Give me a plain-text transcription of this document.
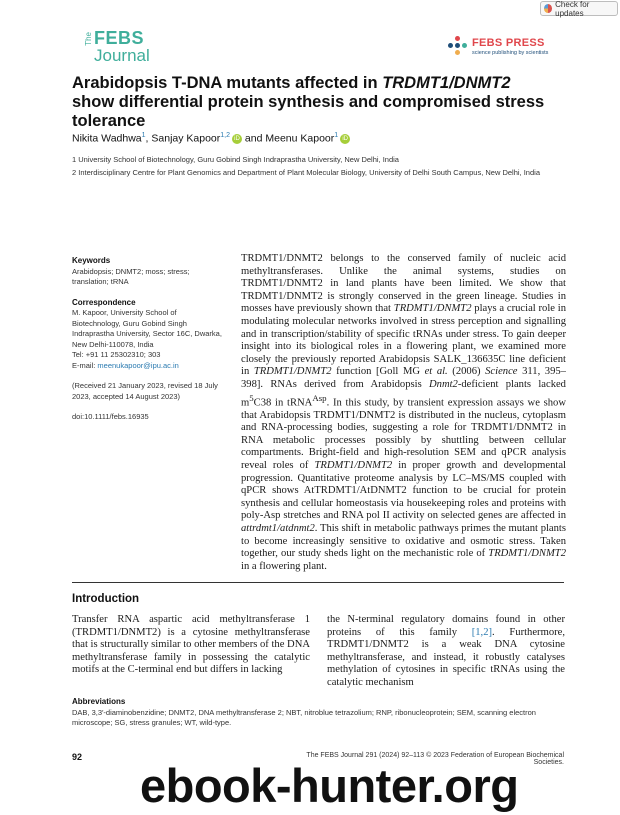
Check for updates
The FEBS
Journal
FEBS PRESS
science publishing by scientists
Arabidopsis T-DNA mutants affected in TRDMT1/DNMT2 show differential protein synthesis and compromised stress tolerance
Nikita Wadhwa$^1$, Sanjay Kapoor$^{1,2}$ iD and Meenu Kapoor$^1$ iD

1 University School of Biotechnology, Guru Gobind Singh Indraprastha University, New Delhi, India

2 Interdisciplinary Centre for Plant Genomics and Department of Plant Molecular Biology, University of Delhi South Campus, New Delhi, India

Keywords

Arabidopsis; DNMT2; moss; stress; translation; tRNA

Correspondence

M. Kapoor, University School of Biotechnology, Guru Gobind Singh Indraprastha University, Sector 16C, Dwarka, New Delhi-110078, India

Tel: +91 11 25302310; 303

E-mail: meenukapoor@ipu.ac.in

(Received 21 January 2023, revised 18 July 2023, accepted 14 August 2023)

doi:10.1111/febs.16935

TRDMT1/DNMT2 belongs to the conserved family of nucleic acid methyltransferases. Unlike the animal systems, studies on TRDMT1/DNMT2 in land plants have been limited. We show that TRDMT1/DNMT2 is strongly conserved in the green lineage. Studies in mosses have previously shown that TRDMT1/DNMT2 plays a crucial role in modulating molecular networks involved in stress perception and signalling and in transcription/stability of specific tRNAs under stress. To gain deeper insight into its biological roles in a flowering plant, we examined more closely the previously reported Arabidopsis SALK_136635C line deficient in TRDMT1/DNMT2 function [Goll MG et al. (2006) Science 311, 395–398]. RNAs derived from Arabidopsis Dnmt2-deficient plants lacked $m^5C38$ in tRNA$^{Asp}$. In this study, by transient expression assays we show that Arabidopsis TRDMT1/DNMT2 is distributed in the nucleus, cytoplasm and RNA-processing bodies, suggesting a role for TRDMT1/DNMT2 in RNA metabolic processes possibly by shuttling between cellular compartments. Bright-field and high-resolution SEM and qPCR analysis reveal roles of TRDMT1/DNMT2 in proper growth and developmental progression. Quantitative proteome analysis by LC–MS/MS coupled with qPCR shows AtTRDMT1/AtDNMT2 function to be crucial for protein synthesis and cellular homeostasis via housekeeping roles and proteins with poly-Asp stretches and RNA pol II activity on selected genes are affected in attrdmt1/atdnmt2. This shift in metabolic pathways primes the mutant plants to become increasingly sensitive to oxidative and osmotic stress. Taken together, our study sheds light on the mechanistic role of TRDMT1/DNMT2 in a flowering plant.
Introduction
Transfer RNA aspartic acid methyltransferase 1 (TRDMT1/DNMT2) is a cytosine methyltransferase that is structurally similar to other members of the DNA methyltransferase family in possessing the catalytic motifs at the C-terminal end but differs in lacking
the N-terminal regulatory domains found in other proteins of this family [1,2]. Furthermore, TRDMT1/DNMT2 is a weak DNA cytosine methyltransferase, and instead, it robustly catalyses methylation of cytosines in specific tRNAs using the catalytic mechanism
Abbreviations

DAB, 3,3′-diaminobenzidine; DNMT2, DNA methyltransferase 2; NBT, nitroblue tetrazolium; RNP, ribonucleoprotein; SEM, scanning electron microscope; SG, stress granules; WT, wild-type.

92	The FEBS Journal 291 (2024) 92–113 © 2023 Federation of European Biochemical Societies.
ebook-hunter.org
